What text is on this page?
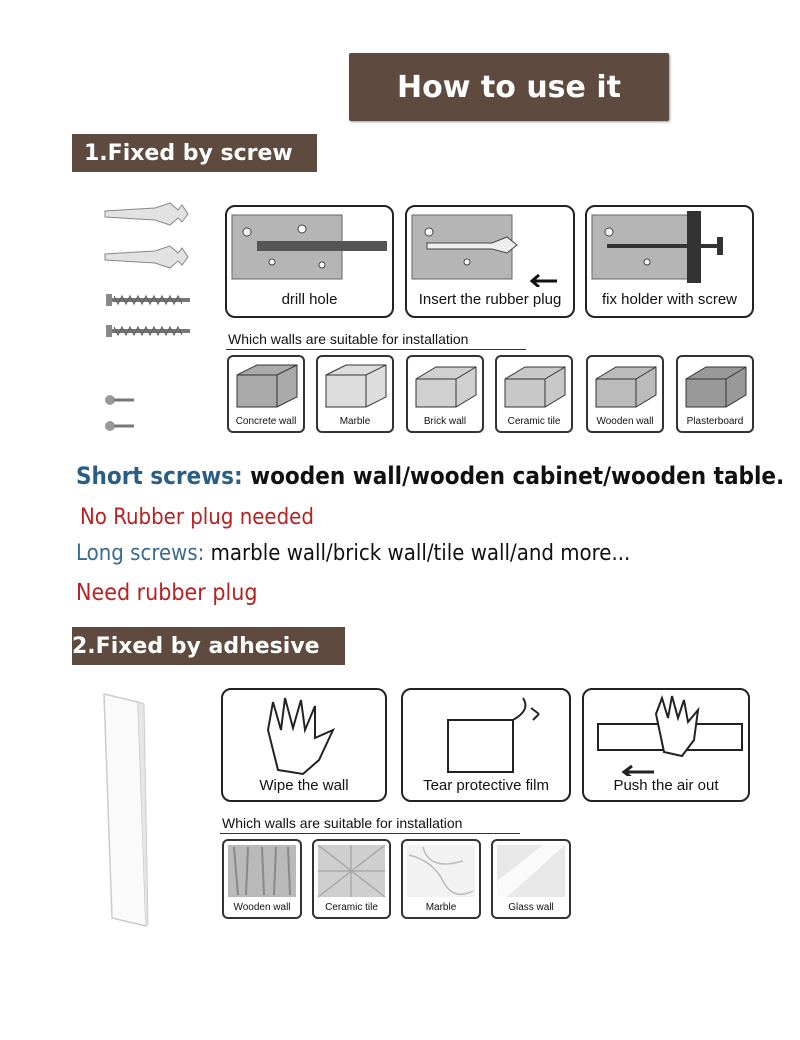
How to use it
1.Fixed by screw
drill hole	Insert the rubber plug	fix holder with screw
Which walls are suitable for installation
Concrete wall	Marble	Brick wall	Ceramic tile	Wooden wall	Plasterboard
Short screws: wooden wall/wooden cabinet/wooden table.
No Rubber plug needed
Long screws: marble wall/brick wall/tile wall/and more...
Need rubber plug
2.Fixed by adhesive
Wipe the wall	Tear protective film	Push the air out
Which walls are suitable for installation
Wooden wall	Ceramic tile	Marble	Glass wall
